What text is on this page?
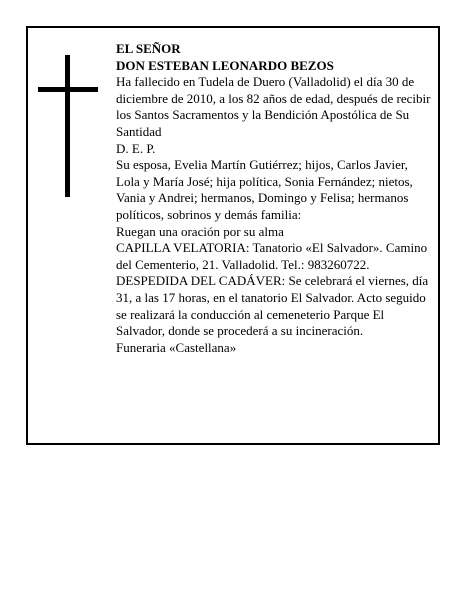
EL SEÑOR

DON ESTEBAN LEONARDO BEZOS

Ha fallecido en Tudela de Duero (Valladolid) el día 30 de diciembre de 2010, a los 82 años de edad, después de recibir los Santos Sacramentos y la Bendición Apostólica de Su Santidad

D. E. P.

Su esposa, Evelia Martín Gutiérrez; hijos, Carlos Javier, Lola y María José; hija política, Sonia Fernández; nietos, Vania y Andrei; hermanos, Domingo y Felisa; hermanos políticos, sobrinos y demás familia:

Ruegan una oración por su alma

CAPILLA VELATORIA: Tanatorio «El Salvador». Camino del Cementerio, 21. Valladolid. Tel.: 983260722.

DESPEDIDA DEL CADÁVER: Se celebrará el viernes, día 31, a las 17 horas, en el tanatorio El Salvador. Acto seguido se realizará la conducción al cemeneterio Parque El Salvador, donde se procederá a su incineración.

Funeraria «Castellana»
